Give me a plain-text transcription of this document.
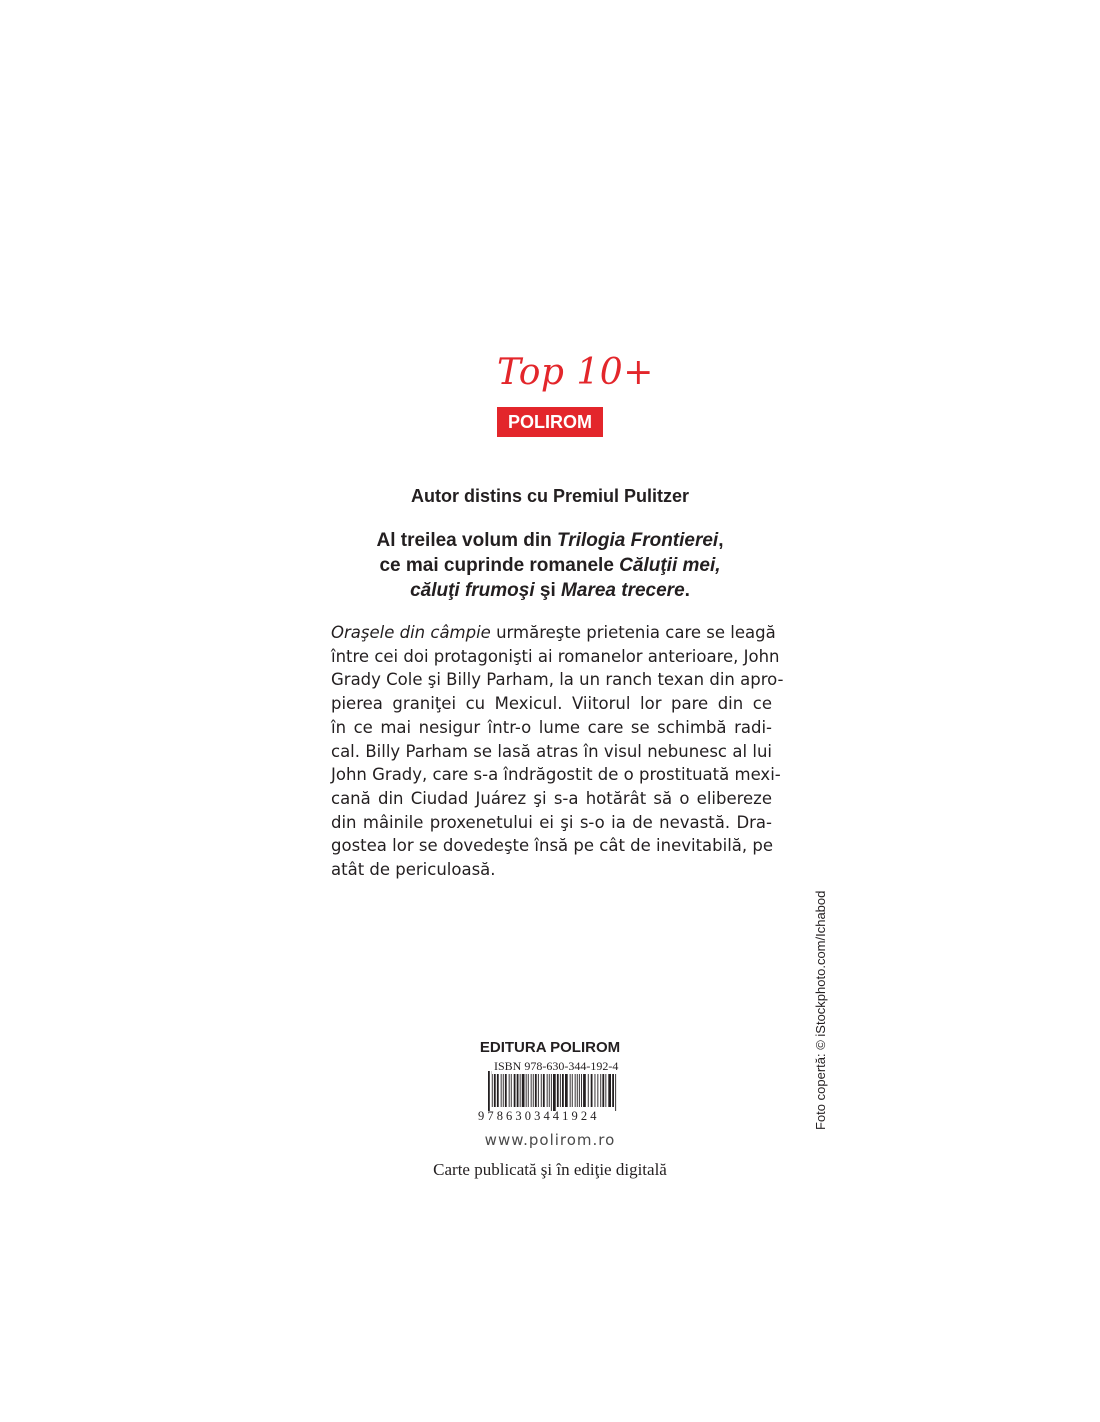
Top 10+
POLIROM
Autor distins cu Premiul Pulitzer
Al treilea volum din Trilogia Frontierei,
ce mai cuprinde romanele Căluţii mei,
căluţi frumoşi şi Marea trecere.
Oraşele din câmpie urmăreşte prietenia care se leagă
între cei doi protagonişti ai romanelor anterioare, John
Grady Cole şi Billy Parham, la un ranch texan din apro-
pierea graniţei cu Mexicul. Viitorul lor pare din ce
în ce mai nesigur într-o lume care se schimbă radi-
cal. Billy Parham se lasă atras în visul nebunesc al lui
John Grady, care s-a îndrăgostit de o prostituată mexi-
cană din Ciudad Juárez şi s-a hotărât să o elibereze
din mâinile proxenetului ei şi s-o ia de nevastă. Dra-
gostea lor se dovedeşte însă pe cât de inevitabilă, pe
atât de periculoasă.
Foto copertă: © iStockphoto.com/Ichabod
EDITURA POLIROM
ISBN 978-630-344-192-4
9786303441924
www.polirom.ro
Carte publicată şi în ediţie digitală
